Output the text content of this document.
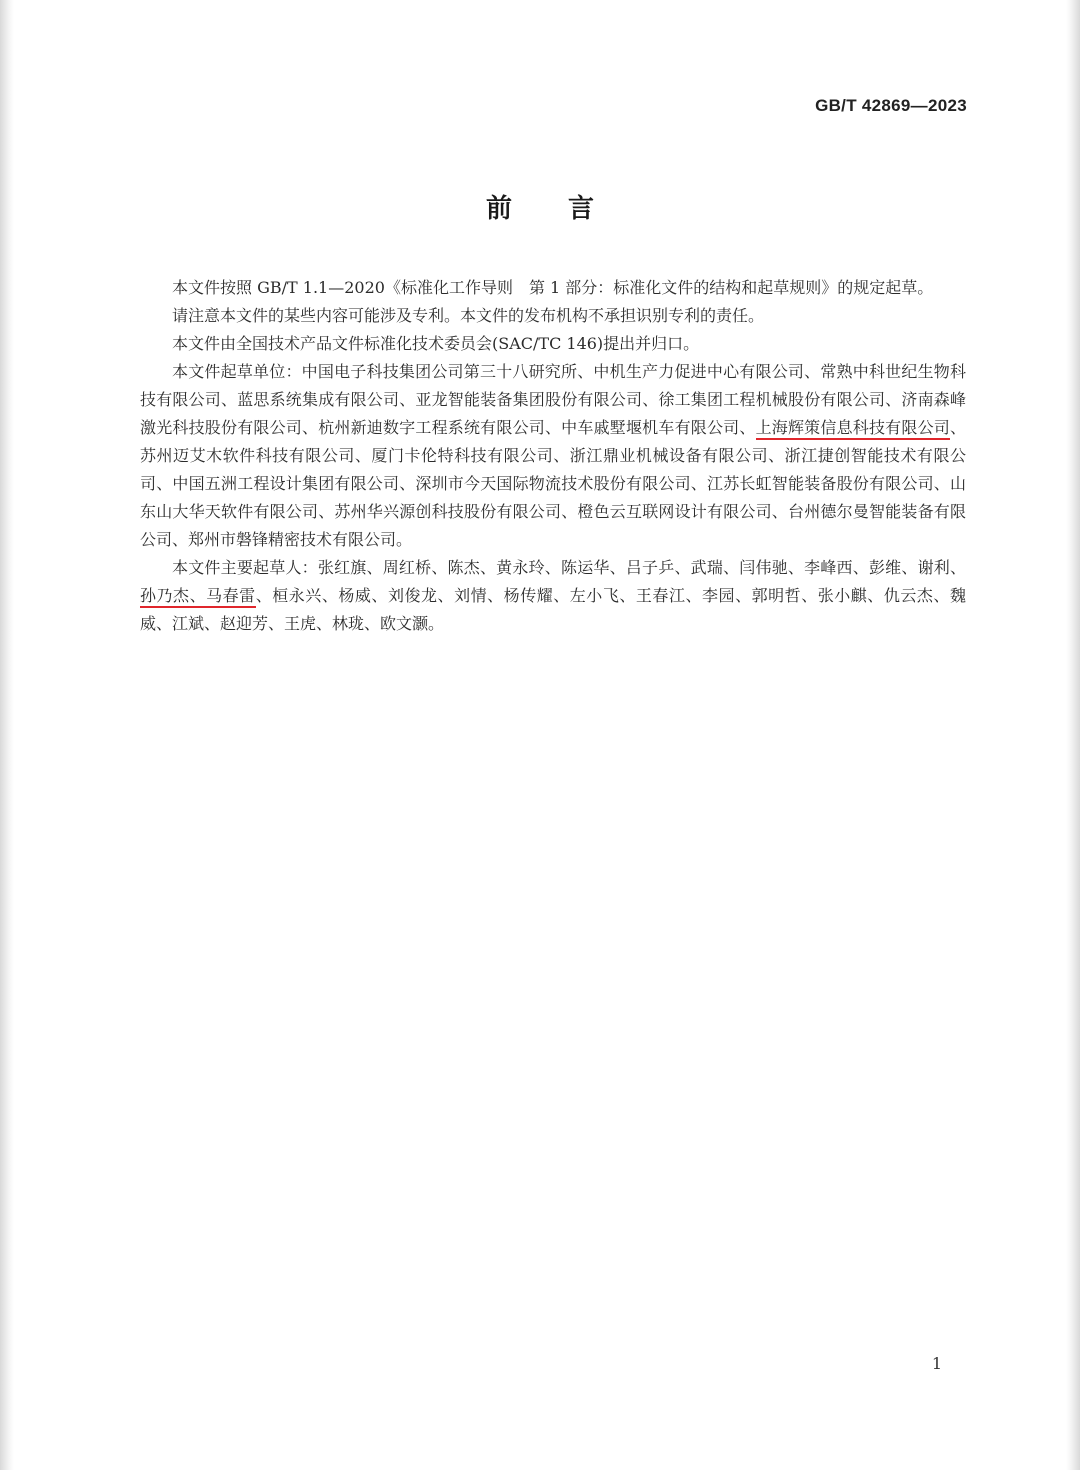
GB/T 42869—2023
前 言

本文件按照 GB/T 1.1—2020《标准化工作导则　第 1 部分：标准化文件的结构和起草规则》的规定起草。

请注意本文件的某些内容可能涉及专利。本文件的发布机构不承担识别专利的责任。

本文件由全国技术产品文件标准化技术委员会(SAC/TC 146)提出并归口。

本文件起草单位：中国电子科技集团公司第三十八研究所、中机生产力促进中心有限公司、常熟中科世纪生物科技有限公司、蓝思系统集成有限公司、亚龙智能装备集团股份有限公司、徐工集团工程机械股份有限公司、济南森峰激光科技股份有限公司、杭州新迪数字工程系统有限公司、中车戚墅堰机车有限公司、上海辉策信息科技有限公司、苏州迈艾木软件科技有限公司、厦门卡伦特科技有限公司、浙江鼎业机械设备有限公司、浙江捷创智能技术有限公司、中国五洲工程设计集团有限公司、深圳市今天国际物流技术股份有限公司、江苏长虹智能装备股份有限公司、山东山大华天软件有限公司、苏州华兴源创科技股份有限公司、橙色云互联网设计有限公司、台州德尔曼智能装备有限公司、郑州市磐锋精密技术有限公司。

本文件主要起草人：张红旗、周红桥、陈杰、黄永玲、陈运华、吕子乒、武瑞、闫伟驰、李峰西、彭维、谢利、孙乃杰、马春雷、桓永兴、杨威、刘俊龙、刘情、杨传耀、左小飞、王春江、李园、郭明哲、张小麒、仇云杰、魏威、江斌、赵迎芳、王虎、林珑、欧文灏。

1
